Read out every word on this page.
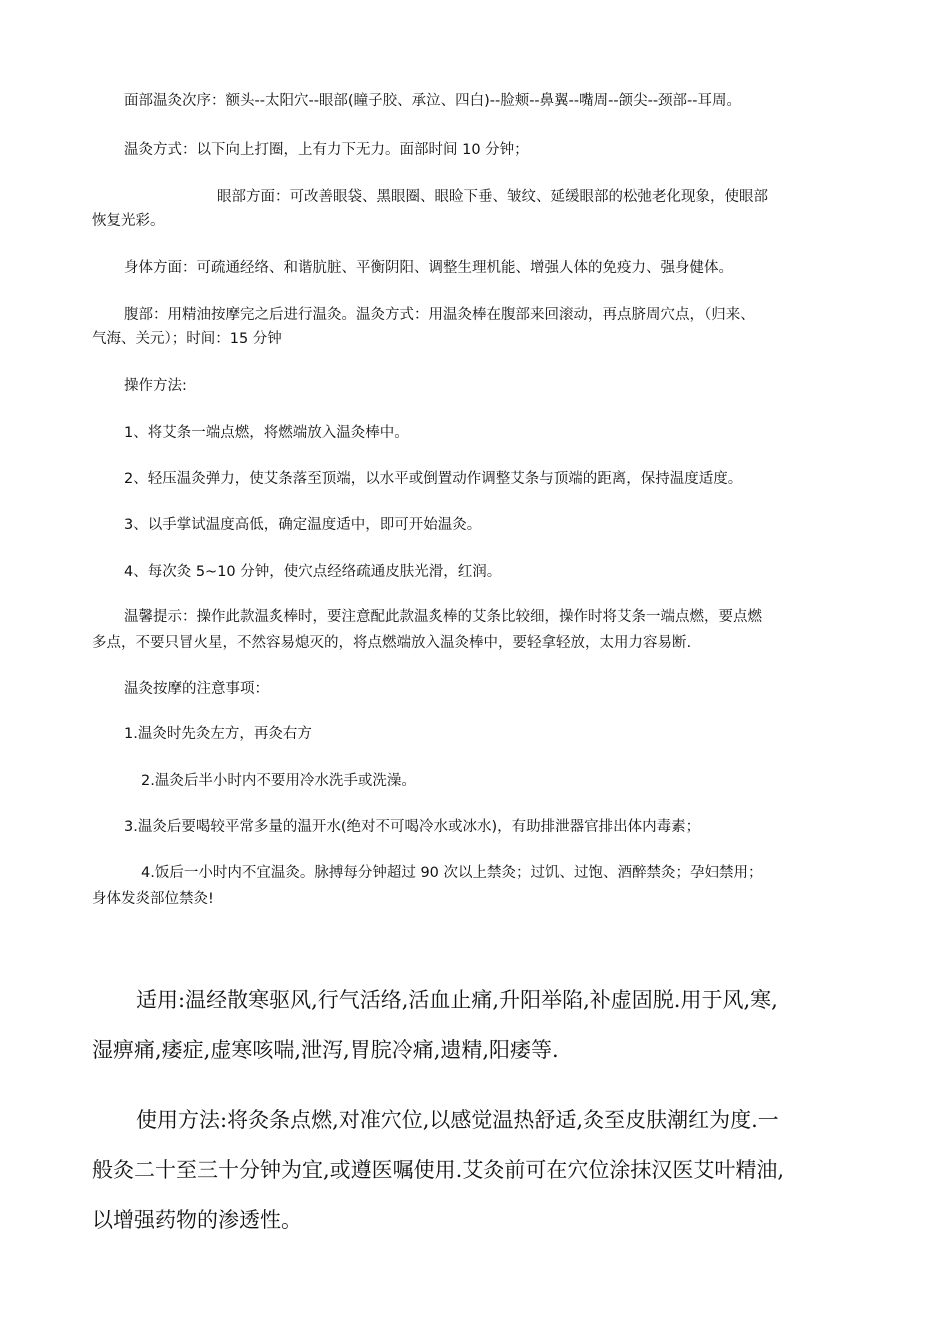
面部温灸次序：额头--太阳穴--眼部(瞳子胶、承泣、四白)--脸颊--鼻翼--嘴周--颌尖--颈部--耳周。

温灸方式：以下向上打圈，上有力下无力。面部时间 10 分钟；

眼部方面：可改善眼袋、黑眼圈、眼睑下垂、皱纹、延缓眼部的松弛老化现象，使眼部

恢复光彩。

身体方面：可疏通经络、和谐肮脏、平衡阴阳、调整生理机能、增强人体的免疫力、强身健体。

腹部：用精油按摩完之后进行温灸。温灸方式：用温灸棒在腹部来回滚动，再点脐周穴点，（归来、

气海、关元）；时间：15 分钟

操作方法:

1、将艾条一端点燃，将燃端放入温灸棒中。

2、轻压温灸弹力，使艾条落至顶端，以水平或倒置动作调整艾条与顶端的距离，保持温度适度。

3、以手掌试温度高低，确定温度适中，即可开始温灸。

4、每次灸 5~10 分钟，使穴点经络疏通皮肤光滑，红润。

温馨提示：操作此款温炙棒时，要注意配此款温炙棒的艾条比较细，操作时将艾条一端点燃，要点燃

多点，不要只冒火星，不然容易熄灭的，将点燃端放入温灸棒中，要轻拿轻放，太用力容易断.

温灸按摩的注意事项：

1.温灸时先灸左方，再灸右方

2.温灸后半小时内不要用冷水洗手或洗澡。

3.温灸后要喝较平常多量的温开水(绝对不可喝冷水或冰水)，有助排泄器官排出体内毒素；

4.饭后一小时内不宜温灸。脉搏每分钟超过 90 次以上禁灸；过饥、过饱、酒醉禁灸；孕妇禁用；

身体发炎部位禁灸!

适用:温经散寒驱风,行气活络,活血止痛,升阳举陷,补虚固脱.用于风,寒,

湿痹痛,痿症,虚寒咳喘,泄泻,胃脘冷痛,遗精,阳痿等.

使用方法:将灸条点燃,对准穴位,以感觉温热舒适,灸至皮肤潮红为度.一

般灸二十至三十分钟为宜,或遵医嘱使用.艾灸前可在穴位涂抹汉医艾叶精油,

以增强药物的渗透性。
